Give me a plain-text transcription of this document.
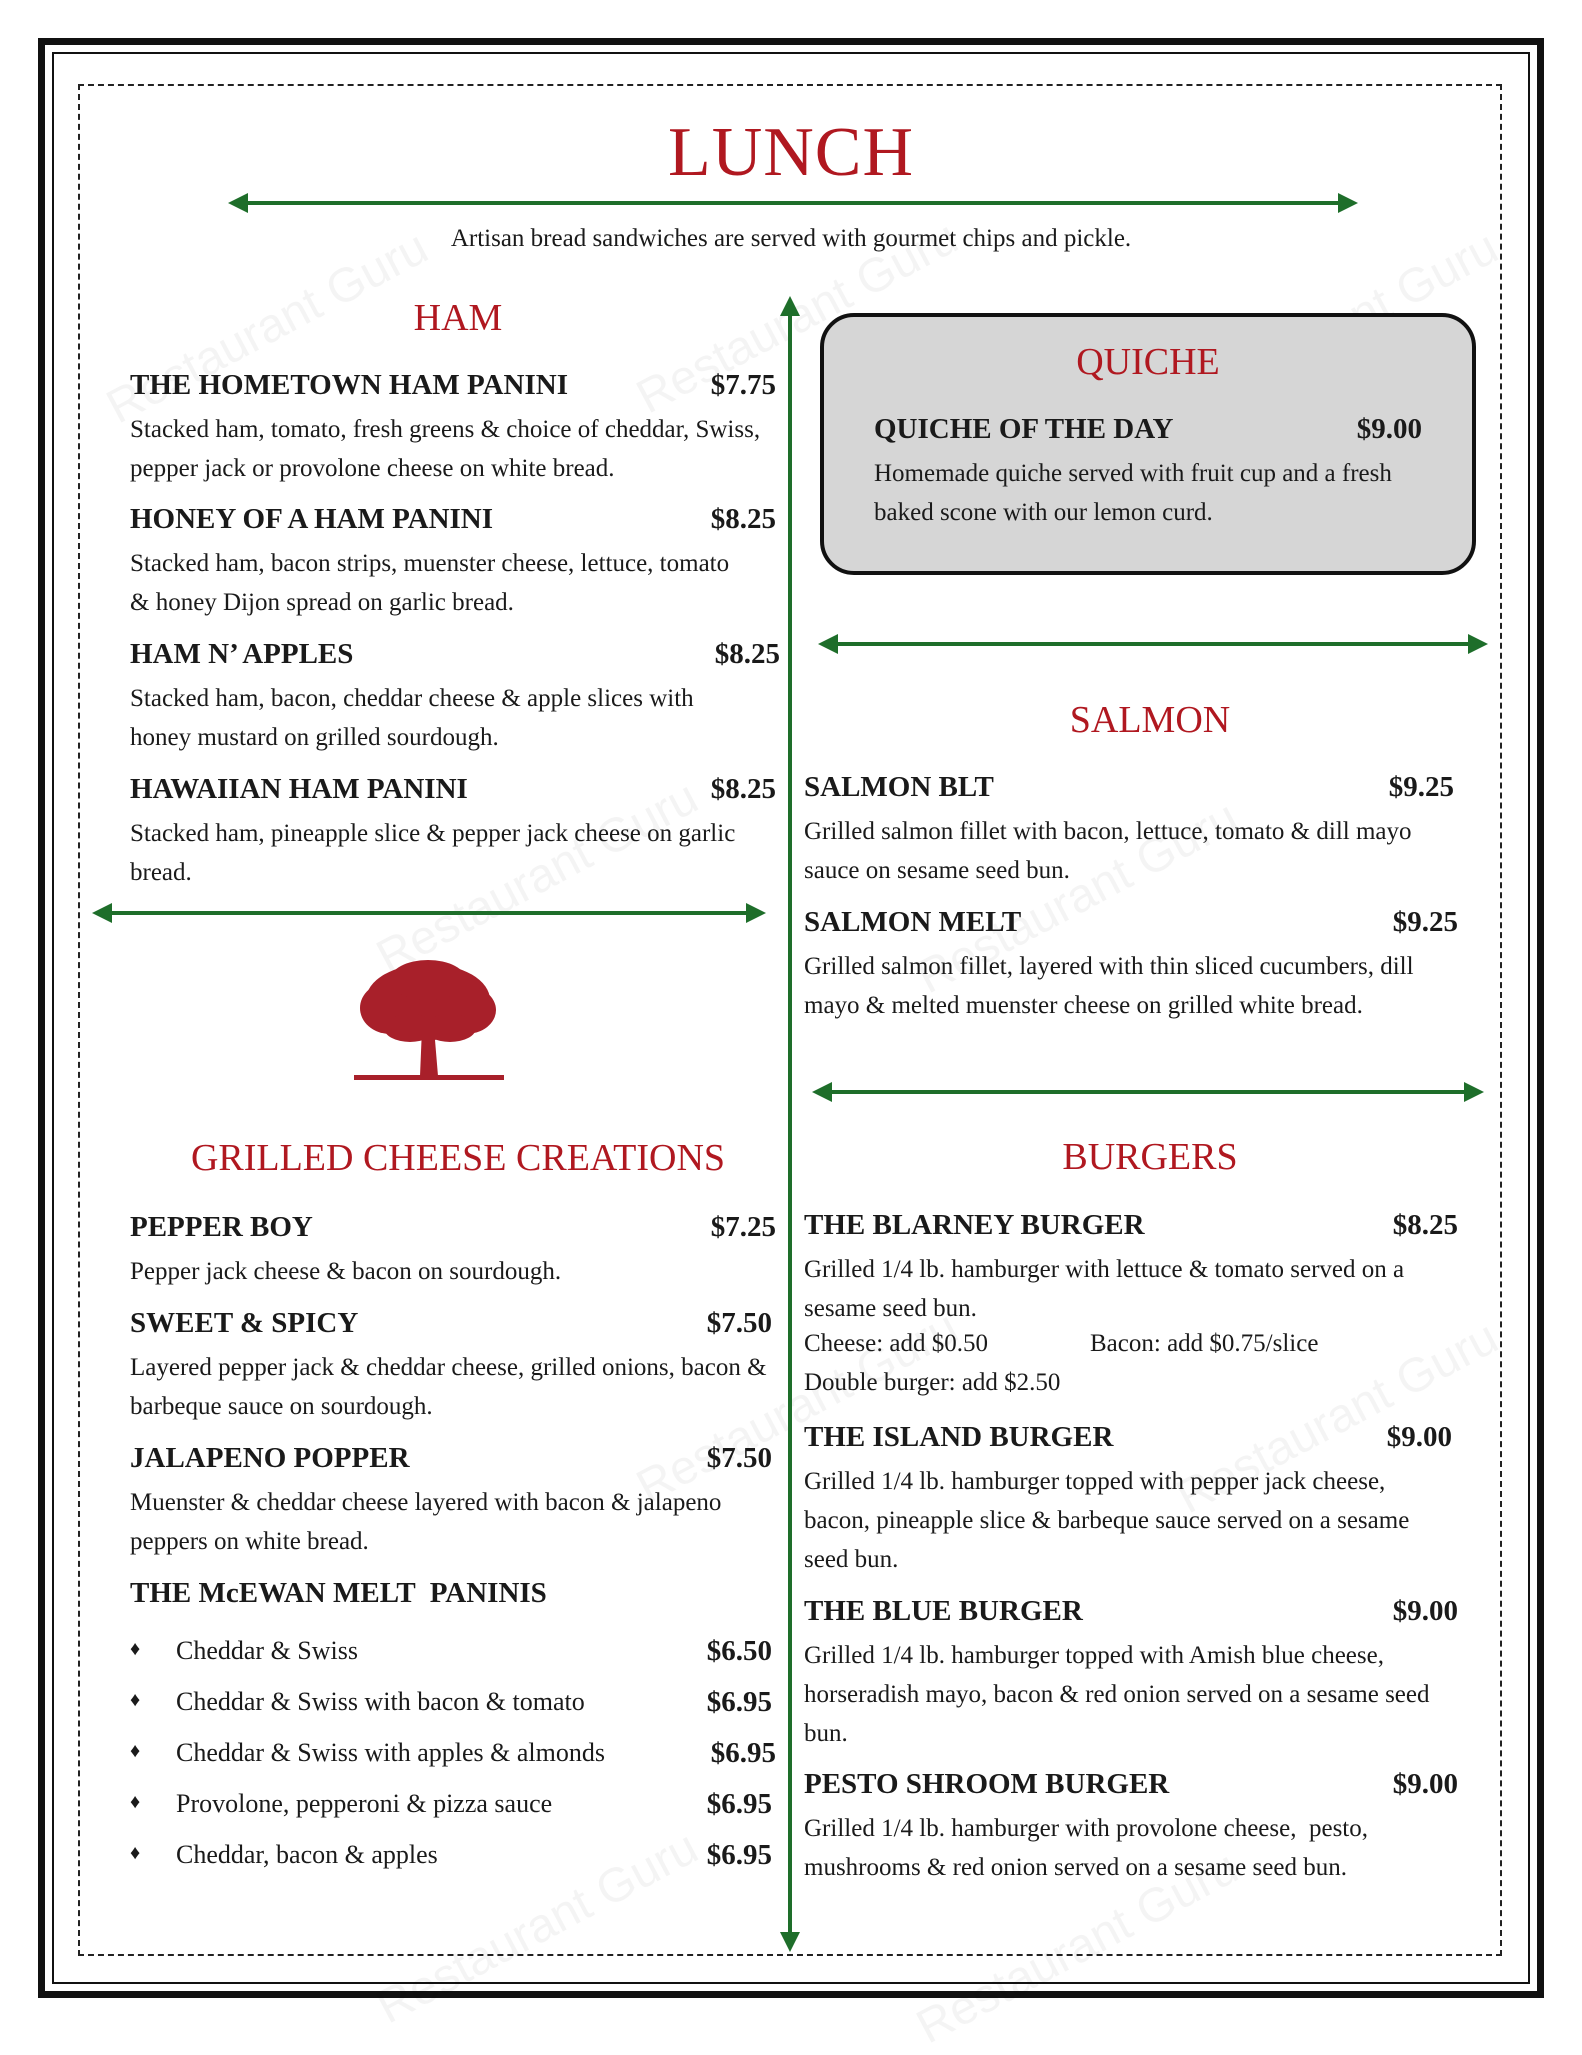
LUNCH
Artisan bread sandwiches are served with gourmet chips and pickle.
HAM
THE HOMETOWN HAM PANINI	$7.75
Stacked ham, tomato, fresh greens & choice of cheddar, Swiss, pepper jack or provolone cheese on white bread.
HONEY OF A HAM PANINI	$8.25
Stacked ham, bacon strips, muenster cheese, lettuce, tomato & honey Dijon spread on garlic bread.
HAM N’ APPLES	$8.25
Stacked ham, bacon, cheddar cheese & apple slices with honey mustard on grilled sourdough.
HAWAIIAN HAM PANINI	$8.25
Stacked ham, pineapple slice & pepper jack cheese on garlic bread.
GRILLED CHEESE CREATIONS
PEPPER BOY	$7.25
Pepper jack cheese & bacon on sourdough.
SWEET & SPICY	$7.50
Layered pepper jack & cheddar cheese, grilled onions, bacon & barbeque sauce on sourdough.
JALAPENO POPPER	$7.50
Muenster & cheddar cheese layered with bacon & jalapeno peppers on white bread.
THE McEWAN MELT  PANINIS
♦ Cheddar & Swiss	$6.50
♦ Cheddar & Swiss with bacon & tomato	$6.95
♦ Cheddar & Swiss with apples & almonds	$6.95
♦ Provolone, pepperoni & pizza sauce	$6.95
♦ Cheddar, bacon & apples	$6.95
QUICHE
QUICHE OF THE DAY	$9.00
Homemade quiche served with fruit cup and a fresh baked scone with our lemon curd.
SALMON
SALMON BLT	$9.25
Grilled salmon fillet with bacon, lettuce, tomato & dill mayo sauce on sesame seed bun.
SALMON MELT	$9.25
Grilled salmon fillet, layered with thin sliced cucumbers, dill mayo & melted muenster cheese on grilled white bread.
BURGERS
THE BLARNEY BURGER	$8.25
Grilled 1/4 lb. hamburger with lettuce & tomato served on a sesame seed bun.
Cheese: add $0.50	Bacon: add $0.75/slice
Double burger: add $2.50
THE ISLAND BURGER	$9.00
Grilled 1/4 lb. hamburger topped with pepper jack cheese, bacon, pineapple slice & barbeque sauce served on a sesame seed bun.
THE BLUE BURGER	$9.00
Grilled 1/4 lb. hamburger topped with Amish blue cheese, horseradish mayo, bacon & red onion served on a sesame seed bun.
PESTO SHROOM BURGER	$9.00
Grilled 1/4 lb. hamburger with provolone cheese,  pesto, mushrooms & red onion served on a sesame seed bun.
